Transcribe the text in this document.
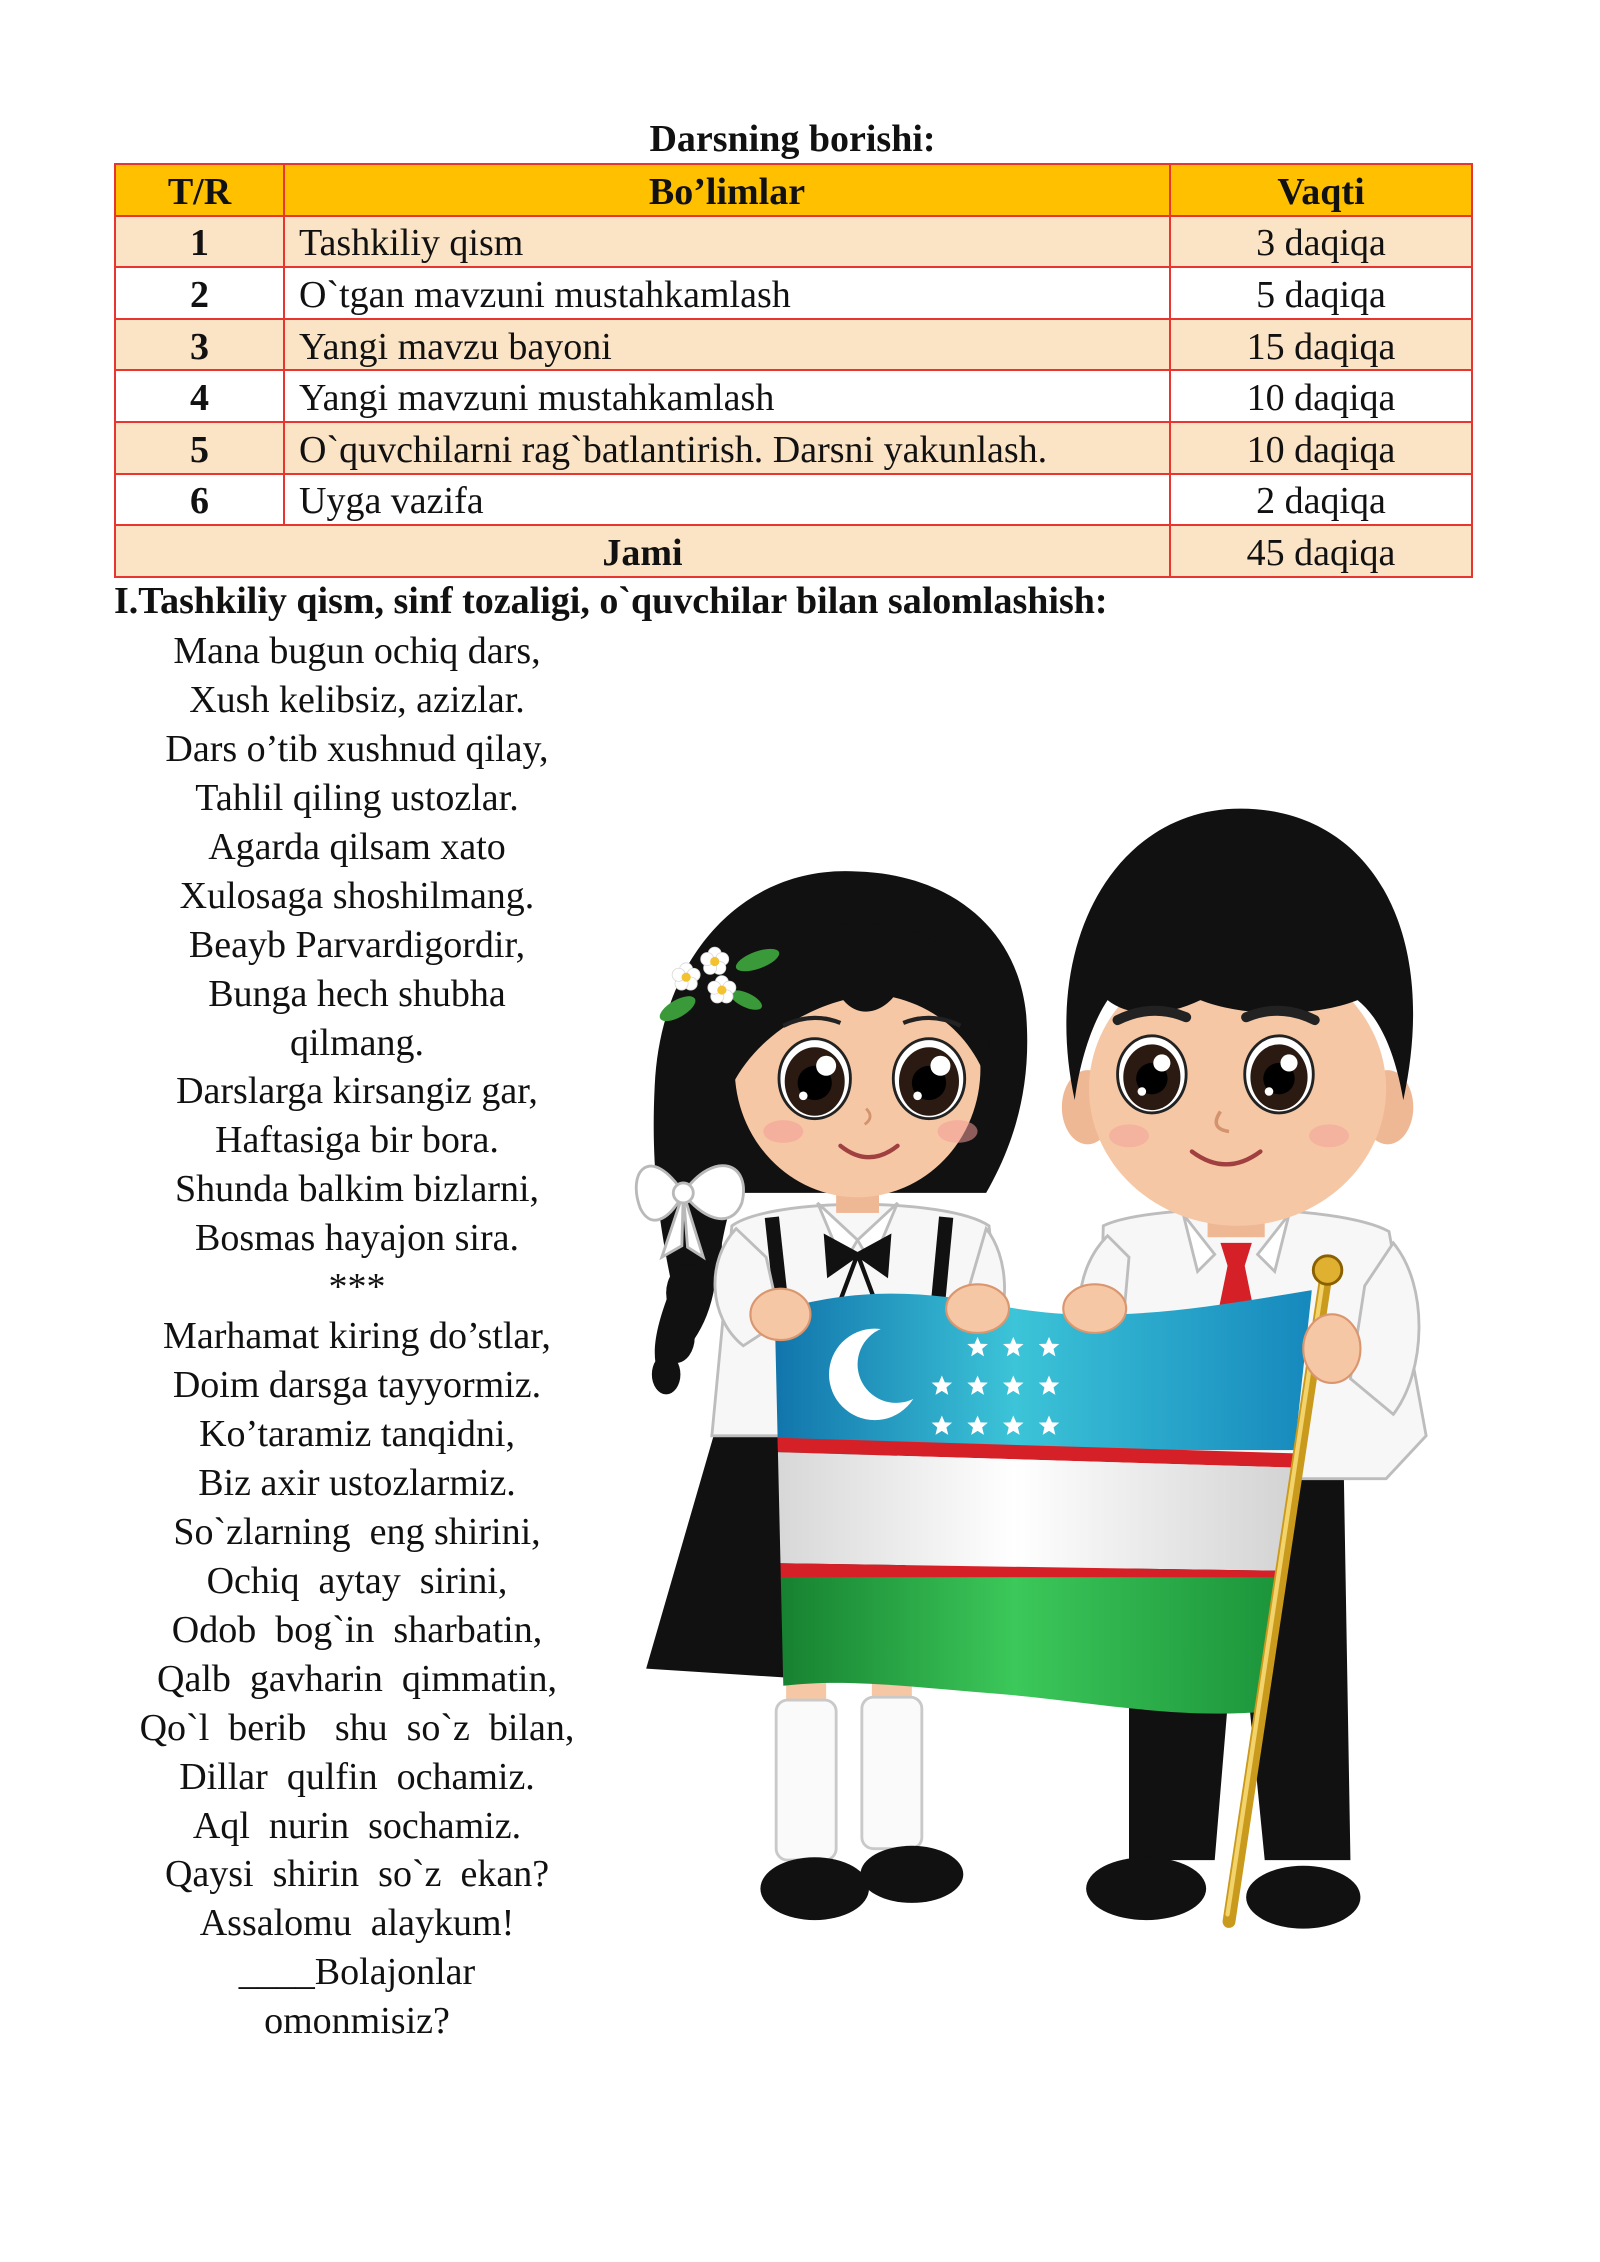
Darsning borishi:
T/R	Bo’limlar	Vaqti
1	Tashkiliy qism	3 daqiqa
2	O`tgan mavzuni mustahkamlash	5 daqiqa
3	Yangi mavzu bayoni	15 daqiqa
4	Yangi mavzuni mustahkamlash	10 daqiqa
5	O`quvchilarni rag`batlantirish. Darsni yakunlash.	10 daqiqa
6	Uyga vazifa	2 daqiqa
Jami		45 daqiqa
I.Tashkiliy qism, sinf tozaligi, o`quvchilar bilan salomlashish:
Mana bugun ochiq dars,
Xush kelibsiz, azizlar.
Dars o’tib xushnud qilay,
Tahlil qiling ustozlar.
Agarda qilsam xato
Xulosaga shoshilmang.
Beayb Parvardigordir,
Bunga hech shubha
qilmang.
Darslarga kirsangiz gar,
Haftasiga bir bora.
Shunda balkim bizlarni,
Bosmas hayajon sira.
***
Marhamat kiring do’stlar,
Doim darsga tayyormiz.
Ko’taramiz tanqidni,
Biz axir ustozlarmiz.
So`zlarning  eng shirini,
Ochiq  aytay  sirini,
Odob  bog`in  sharbatin,
Qalb  gavharin  qimmatin,
Qo`l  berib   shu  so`z  bilan,
Dillar  qulfin  ochamiz.
Aql  nurin  sochamiz.
Qaysi  shirin  so`z  ekan?
Assalomu  alaykum!
____Bolajonlar
omonmisiz?
